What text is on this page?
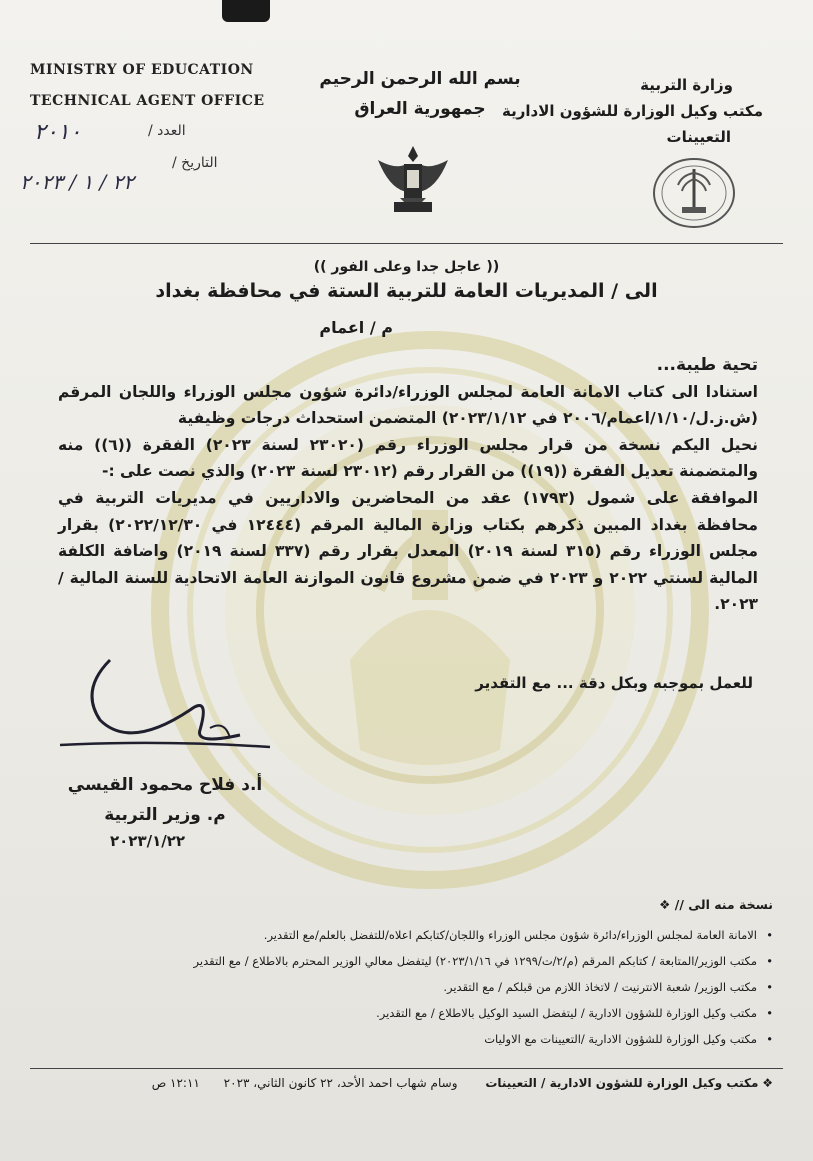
MINISTRY OF EDUCATION
TECHNICAL AGENT OFFICE
العدد /
٢٠١٠
التاريخ /
٢٢ / ١ / ٢٠٢٣
بسم الله الرحمن الرحيم
جمهورية العراق
وزارة التربية
مكتب وكيل الوزارة للشؤون الادارية
التعيينات
(( عاجل جدا وعلى الفور ))
الى / المديريات العامة للتربية الستة في محافظة بغداد
م / اعمام

تحية طيبة...

استنادا الى كتاب الامانة العامة لمجلس الوزراء/دائرة شؤون مجلس الوزراء واللجان المرقم (ش.ز.ل/١/١٠/اعمام/٢٠٠٦ في ٢٠٢٣/١/١٢) المتضمن استحداث درجات وظيفية

نحيل اليكم نسخة من قرار مجلس الوزراء رقم (٢٣٠٢٠ لسنة ٢٠٢٣) الفقرة ((٦)) منه والمتضمنة تعديل الفقرة ((١٩)) من القرار رقم (٢٣٠١٢ لسنة ٢٠٢٣) والذي نصت على :-

الموافقة على شمول (١٧٩٣) عقد من المحاضرين والاداريين في مديريات التربية في محافظة بغداد المبين ذكرهم بكتاب وزارة المالية المرقم (١٢٤٤٤ في ٢٠٢٢/١٢/٣٠) بقرار مجلس الوزراء رقم (٣١٥ لسنة ٢٠١٩) المعدل بقرار رقم (٣٣٧ لسنة ٢٠١٩) واضافة الكلفة المالية لسنتي ٢٠٢٢ و ٢٠٢٣ في ضمن مشروع قانون الموازنة العامة الاتحادية للسنة المالية / ٢٠٢٣.

للعمل بموجبه وبكل دقة ... مع التقدير
أ.د فلاح محمود القيسي
م. وزير التربية
٢٠٢٣/١/٢٢
نسخة منه الى // ❖
• الامانة العامة لمجلس الوزراء/دائرة شؤون مجلس الوزراء واللجان/كتابكم اعلاه/للتفضل بالعلم/مع التقدير.
• مكتب الوزير/المتابعة / كتابكم المرقم (م/٢/ت/١٢٩٩ في ٢٠٢٣/١/١٦) ليتفضل معالي الوزير المحترم بالاطلاع / مع التقدير
• مكتب الوزير/ شعبة الانترنيت / لاتخاذ اللازم من قبلكم / مع التقدير.
• مكتب وكيل الوزارة للشؤون الادارية / ليتفضل السيد الوكيل بالاطلاع / مع التقدير.
• مكتب وكيل الوزارة للشؤون الادارية /التعيينات مع الاوليات
❖ مكتب وكيل الوزارة للشؤون الادارية / التعيينات وسام شهاب احمد الأحد، ٢٢ كانون الثاني، ٢٠٢٣ ١٢:١١ ص
